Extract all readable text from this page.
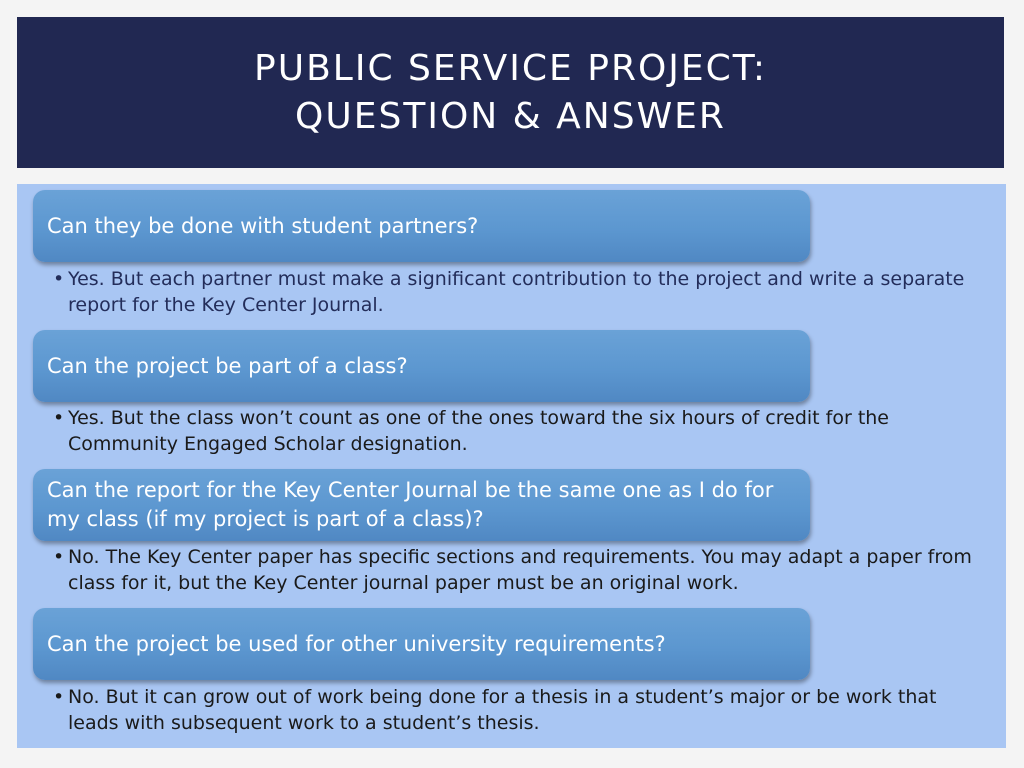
PUBLIC SERVICE PROJECT:
QUESTION & ANSWER
Can they be done with student partners?
• Yes. But each partner must make a significant contribution to the project and write a separate report for the Key Center Journal.
Can the project be part of a class?
• Yes. But the class won’t count as one of the ones toward the six hours of credit for the Community Engaged Scholar designation.
Can the report for the Key Center Journal be the same one as I do for my class (if my project is part of a class)?
• No. The Key Center paper has specific sections and requirements. You may adapt a paper from class for it, but the Key Center journal paper must be an original work.
Can the project be used for other university requirements?
• No. But it can grow out of work being done for a thesis in a student’s major or be work that leads with subsequent work to a student’s thesis.
